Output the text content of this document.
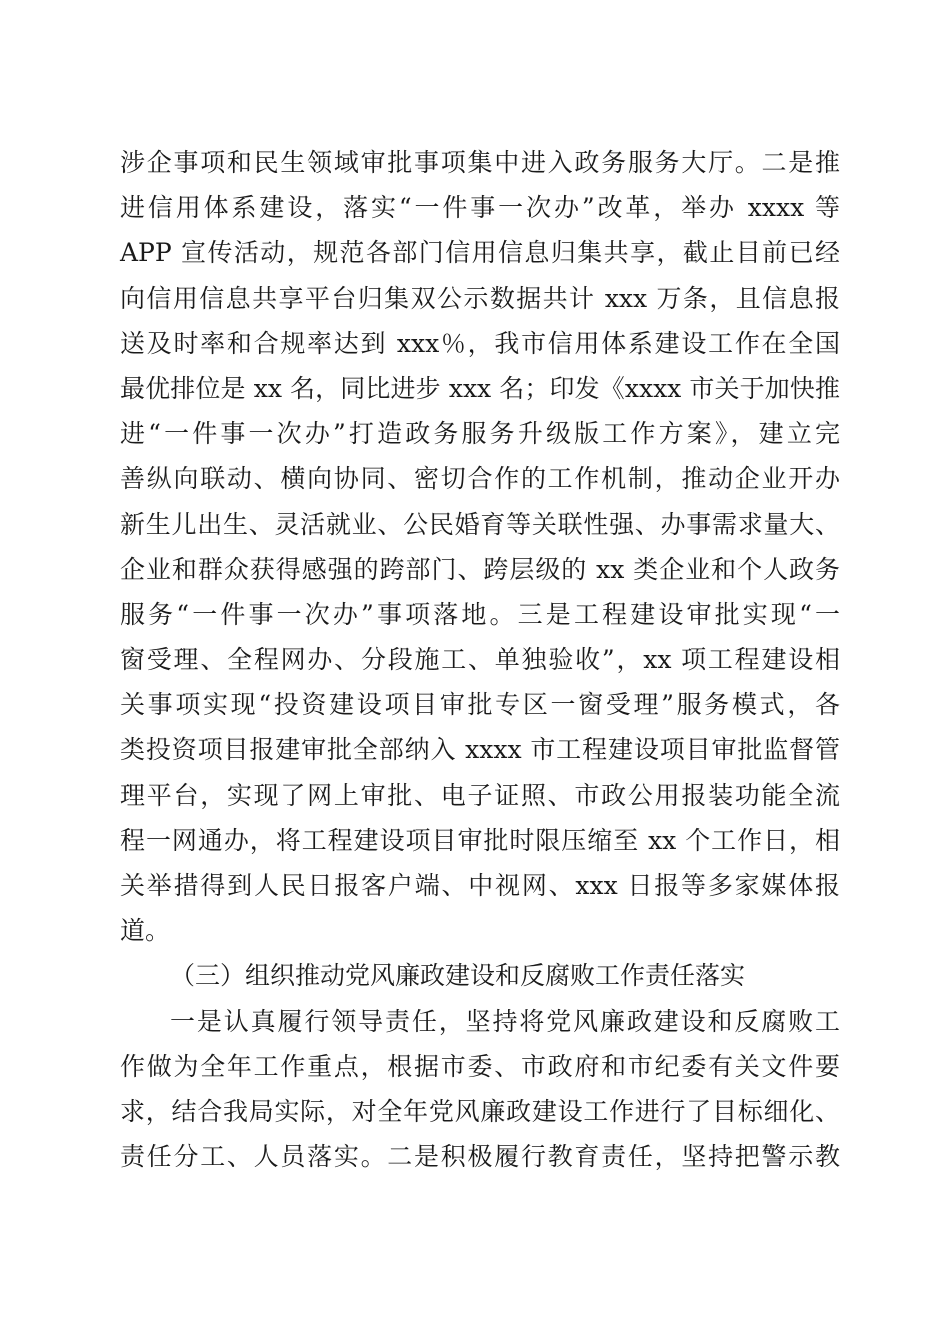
涉企事项和民生领域审批事项集中进入政务服务大厅。二是推
进信用体系建设，落实“一件事一次办”改革，举办 xxxx 等
APP 宣传活动，规范各部门信用信息归集共享，截止目前已经
向信用信息共享平台归集双公示数据共计 xxx 万条，且信息报
送及时率和合规率达到 xxx％，我市信用体系建设工作在全国
最优排位是 xx 名，同比进步 xxx 名；印发《xxxx 市关于加快推
进“一件事一次办”打造政务服务升级版工作方案》，建立完
善纵向联动、横向协同、密切合作的工作机制，推动企业开办
新生儿出生、灵活就业、公民婚育等关联性强、办事需求量大、
企业和群众获得感强的跨部门、跨层级的 xx 类企业和个人政务
服务“一件事一次办”事项落地。三是工程建设审批实现“一
窗受理、全程网办、分段施工、单独验收”，xx 项工程建设相
关事项实现“投资建设项目审批专区一窗受理”服务模式，各
类投资项目报建审批全部纳入 xxxx 市工程建设项目审批监督管
理平台，实现了网上审批、电子证照、市政公用报装功能全流
程一网通办，将工程建设项目审批时限压缩至 xx 个工作日，相
关举措得到人民日报客户端、中视网、xxx 日报等多家媒体报
道。
（三）组织推动党风廉政建设和反腐败工作责任落实
一是认真履行领导责任，坚持将党风廉政建设和反腐败工
作做为全年工作重点，根据市委、市政府和市纪委有关文件要
求，结合我局实际，对全年党风廉政建设工作进行了目标细化、
责任分工、人员落实。二是积极履行教育责任，坚持把警示教
